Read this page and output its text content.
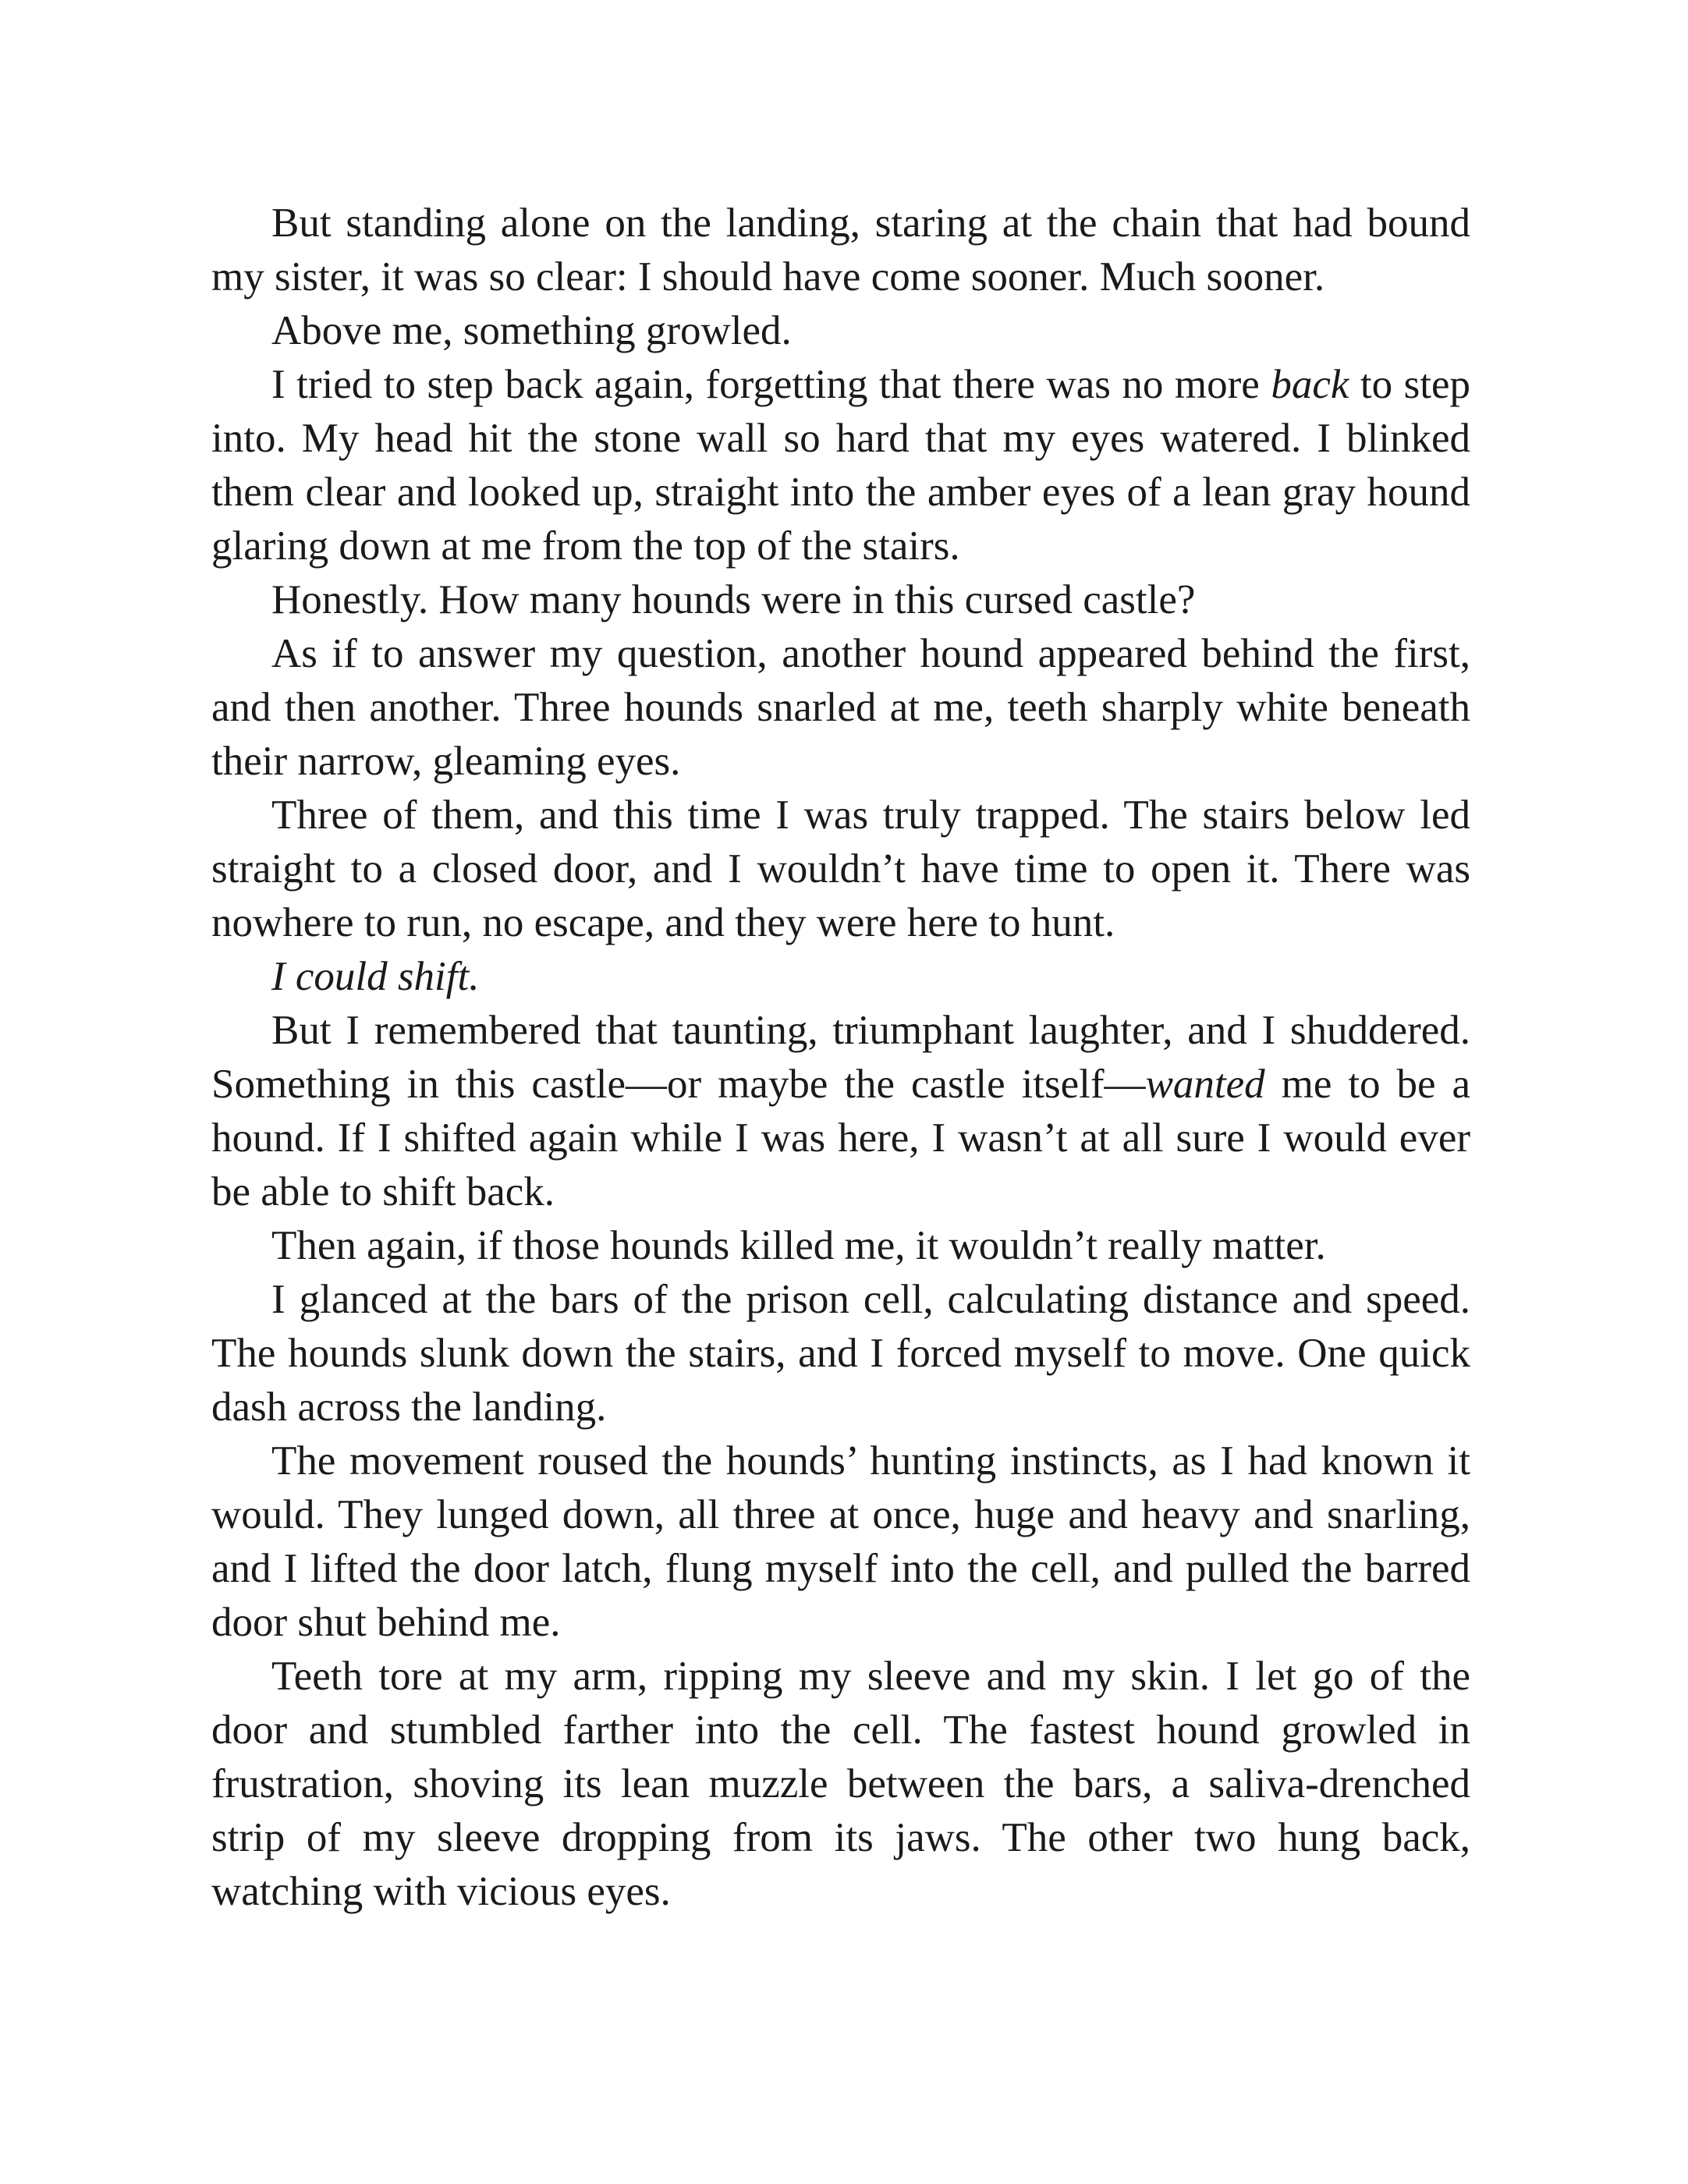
But standing alone on the landing, staring at the chain that had bound my sister, it was so clear: I should have come sooner. Much sooner.

Above me, something growled.

I tried to step back again, forgetting that there was no more back to step into. My head hit the stone wall so hard that my eyes watered. I blinked them clear and looked up, straight into the amber eyes of a lean gray hound glaring down at me from the top of the stairs.

Honestly. How many hounds were in this cursed castle?

As if to answer my question, another hound appeared behind the first, and then another. Three hounds snarled at me, teeth sharply white beneath their narrow, gleaming eyes.

Three of them, and this time I was truly trapped. The stairs below led straight to a closed door, and I wouldn’t have time to open it. There was nowhere to run, no escape, and they were here to hunt.

I could shift.

But I remembered that taunting, triumphant laughter, and I shuddered. Something in this castle—or maybe the castle itself—wanted me to be a hound. If I shifted again while I was here, I wasn’t at all sure I would ever be able to shift back.

Then again, if those hounds killed me, it wouldn’t really matter.

I glanced at the bars of the prison cell, calculating distance and speed. The hounds slunk down the stairs, and I forced myself to move. One quick dash across the landing.

The movement roused the hounds’ hunting instincts, as I had known it would. They lunged down, all three at once, huge and heavy and snarling, and I lifted the door latch, flung myself into the cell, and pulled the barred door shut behind me.

Teeth tore at my arm, ripping my sleeve and my skin. I let go of the door and stumbled farther into the cell. The fastest hound growled in frustration, shoving its lean muzzle between the bars, a saliva-drenched strip of my sleeve dropping from its jaws. The other two hung back, watching with vicious eyes.
